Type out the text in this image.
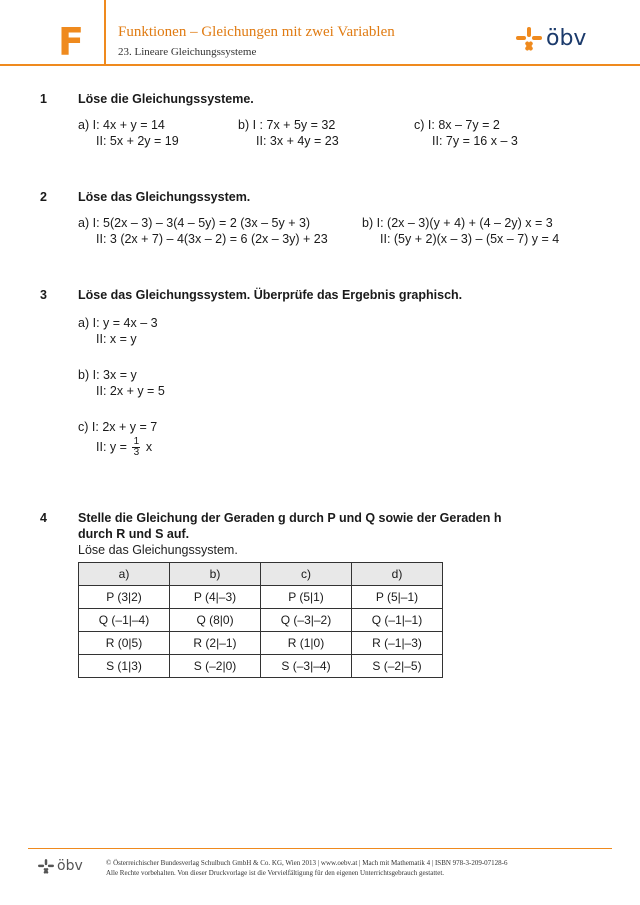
F Funktionen – Gleichungen mit zwei Variablen
23. Lineare Gleichungssysteme
öbv
1 Löse die Gleichungssysteme.
a) I: 4x + y = 14
II: 5x + 2y = 19
b) I : 7x + 5y = 32
II: 3x + 4y = 23
c) I: 8x – 7y = 2
II: 7y = 16 x – 3
2 Löse das Gleichungssystem.
a) I: 5(2x – 3) – 3(4 – 5y) = 2 (3x – 5y + 3)
II: 3 (2x + 7) – 4(3x – 2) = 6 (2x – 3y) + 23
b) I: (2x – 3)(y + 4) + (4 – 2y) x = 3
II: (5y + 2)(x – 3) – (5x – 7) y = 4
3 Löse das Gleichungssystem. Überprüfe das Ergebnis graphisch.
a) I: y = 4x – 3
II: x = y
b) I: 3x = y
II: 2x + y = 5
c) I: 2x + y = 7
II: $y = \frac{1}{3}$ x
4 Stelle die Gleichung der Geraden g durch P und Q sowie der Geraden h
durch R und S auf.
Löse das Gleichungssystem.
a)	b)	c)	d)
P (3|2)	P (4|–3)	P (5|1)	P (5|–1)
Q (–1|–4)	Q (8|0)	Q (–3|–2)	Q (–1|–1)
R (0|5)	R (2|–1)	R (1|0)	R (–1|–3)
S (1|3)	S (–2|0)	S (–3|–4)	S (–2|–5)
öbv	© Österreichischer Bundesverlag Schulbuch GmbH & Co. KG, Wien 2013 | www.oebv.at | Mach mit Mathematik 4 | ISBN 978-3-209-07128-6
Alle Rechte vorbehalten. Von dieser Druckvorlage ist die Vervielfältigung für den eigenen Unterrichtsgebrauch gestattet.
